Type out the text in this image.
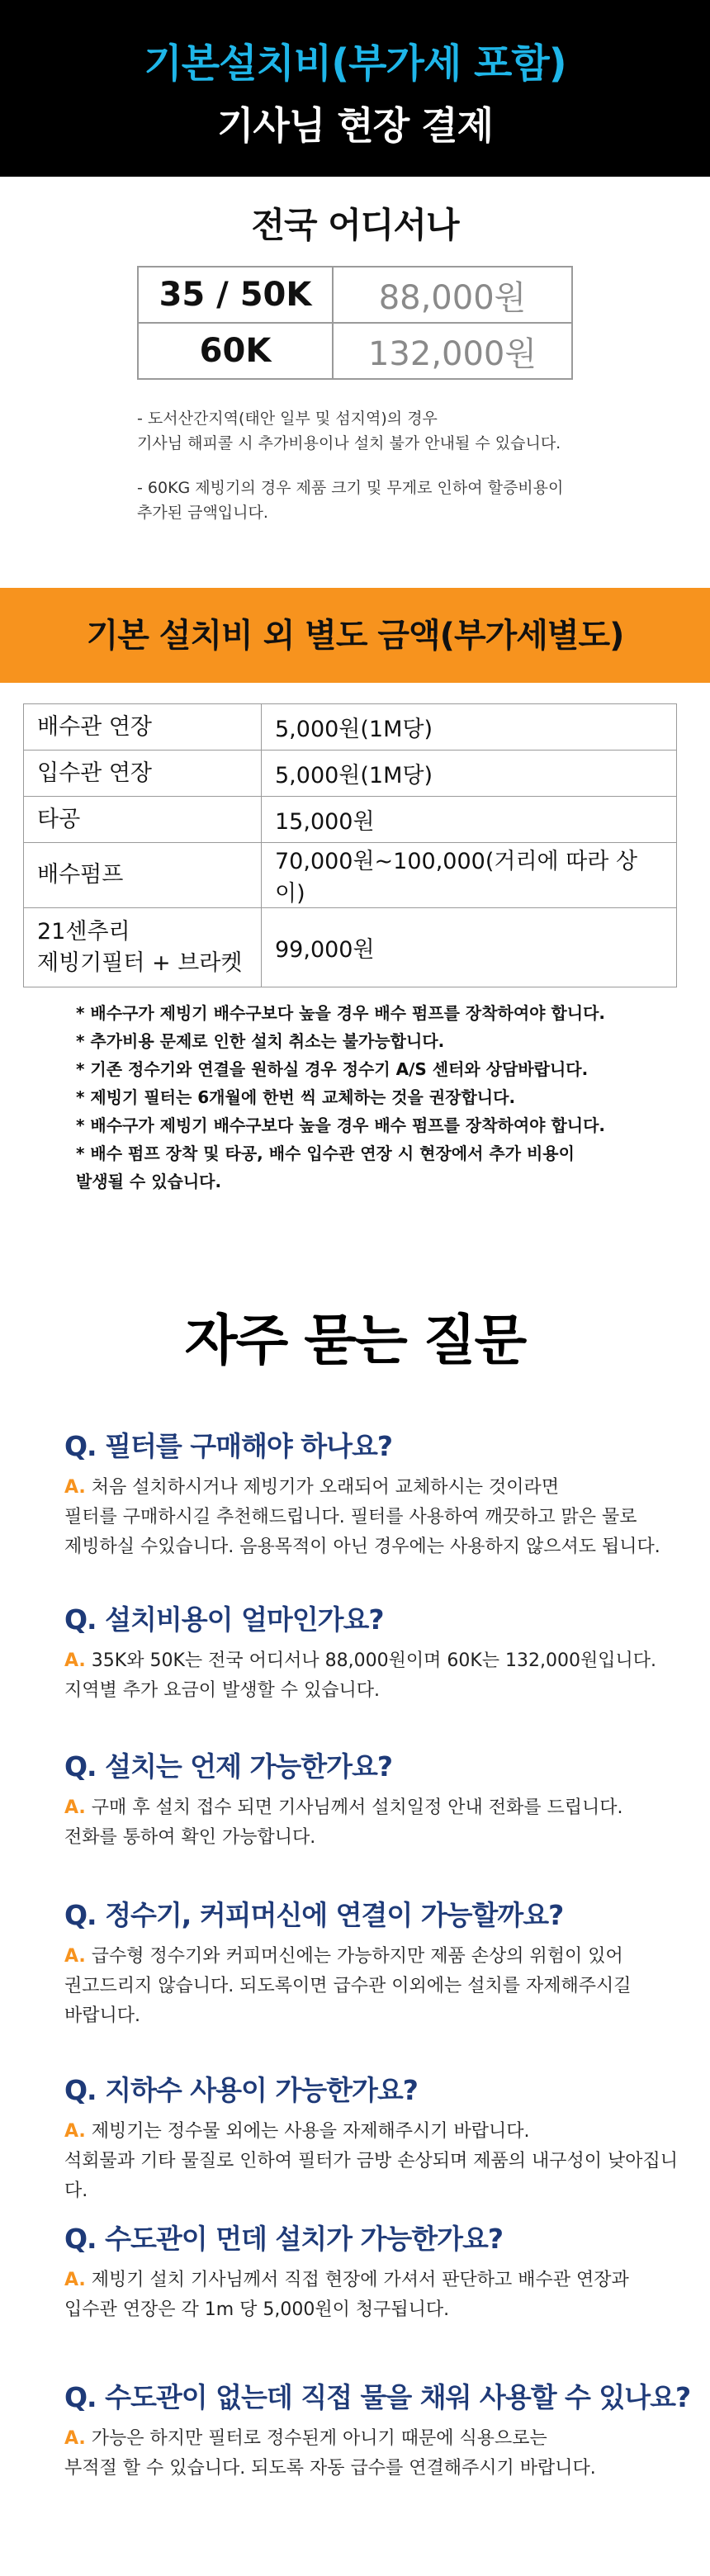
기본설치비(부가세 포함)
기사님 현장 결제
전국 어디서나
35 / 50K	88,000원
60K	132,000원
- 도서산간지역(태안 일부 및 섬지역)의 경우
기사님 해피콜 시 추가비용이나 설치 불가 안내될 수 있습니다.
- 60KG 제빙기의 경우 제품 크기 및 무게로 인하여 할증비용이
추가된 금액입니다.
기본 설치비 외 별도 금액(부가세별도)
배수관 연장	5,000원(1M당)

입수관 연장	5,000원(1M당)

타공	15,000원

배수펌프	70,000원~100,000(거리에 따라 상이)

21센추리
제빙기필터 + 브라켓	99,000원
* 배수구가 제빙기 배수구보다 높을 경우 배수 펌프를 장착하여야 합니다.
* 추가비용 문제로 인한 설치 취소는 불가능합니다.
* 기존 정수기와 연결을 원하실 경우 정수기 A/S 센터와 상담바랍니다.
* 제빙기 필터는 6개월에 한번 씩 교체하는 것을 권장합니다.
* 배수구가 제빙기 배수구보다 높을 경우 배수 펌프를 장착하여야 합니다.
* 배수 펌프 장착 및 타공, 배수 입수관 연장 시 현장에서 추가 비용이
발생될 수 있습니다.
자주 묻는 질문
Q. 필터를 구매해야 하나요?
A. 처음 설치하시거나 제빙기가 오래되어 교체하시는 것이라면
필터를 구매하시길 추천해드립니다. 필터를 사용하여 깨끗하고 맑은 물로
제빙하실 수있습니다. 음용목적이 아닌 경우에는 사용하지 않으셔도 됩니다.
Q. 설치비용이 얼마인가요?
A. 35K와 50K는 전국 어디서나 88,000원이며 60K는 132,000원입니다.
지역별 추가 요금이 발생할 수 있습니다.
Q. 설치는 언제 가능한가요?
A. 구매 후 설치 접수 되면 기사님께서 설치일정 안내 전화를 드립니다.
전화를 통하여 확인 가능합니다.
Q. 정수기, 커피머신에 연결이 가능할까요?
A. 급수형 정수기와 커피머신에는 가능하지만 제품 손상의 위험이 있어
권고드리지 않습니다. 되도록이면 급수관 이외에는 설치를 자제해주시길
바랍니다.
Q. 지하수 사용이 가능한가요?
A. 제빙기는 정수물 외에는 사용을 자제해주시기 바랍니다.
석회물과 기타 물질로 인하여 필터가 금방 손상되며 제품의 내구성이 낮아집니다.
Q. 수도관이 먼데 설치가 가능한가요?
A. 제빙기 설치 기사님께서 직접 현장에 가셔서 판단하고 배수관 연장과
입수관 연장은 각 1m 당 5,000원이 청구됩니다.
Q. 수도관이 없는데 직접 물을 채워 사용할 수 있나요?
A. 가능은 하지만 필터로 정수된게 아니기 때문에 식용으로는
부적절 할 수 있습니다. 되도록 자동 급수를 연결해주시기 바랍니다.
